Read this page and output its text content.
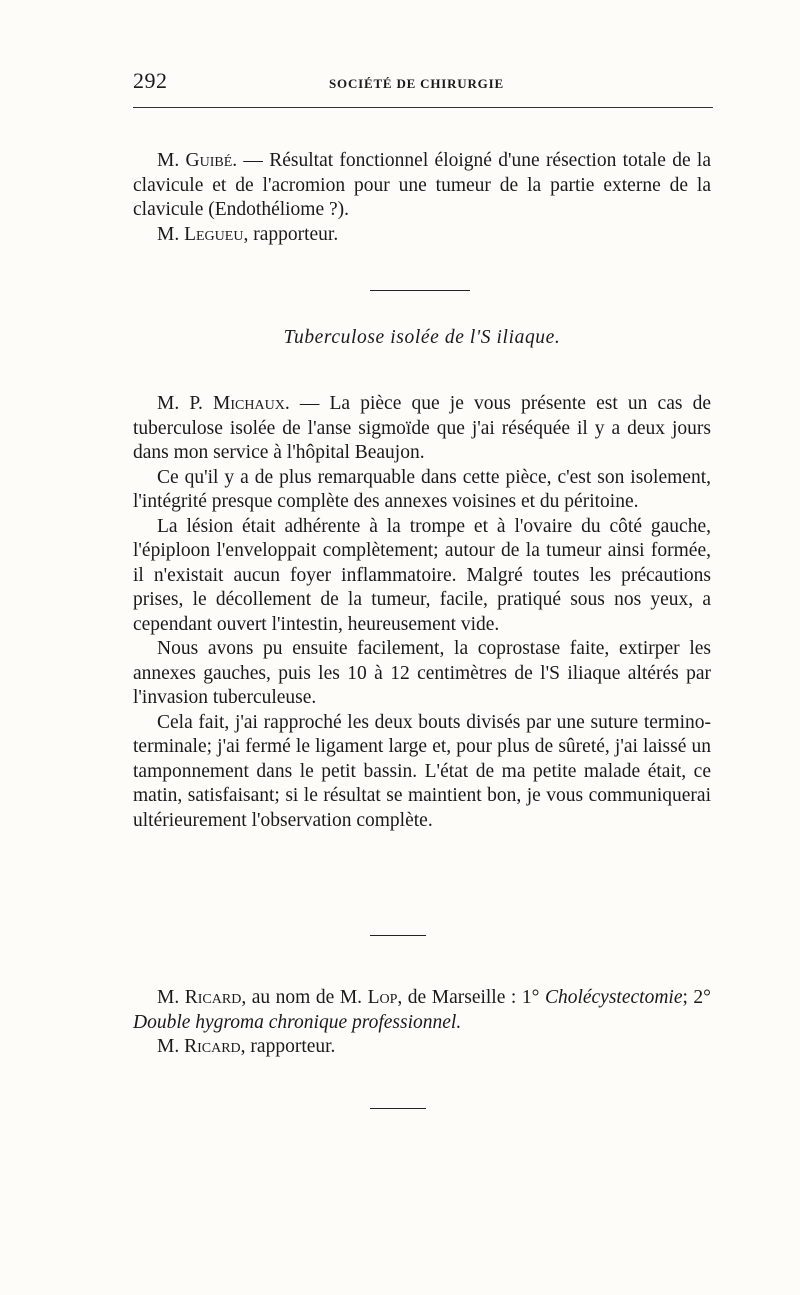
292	SOCIÉTÉ DE CHIRURGIE

M. Guibé. — Résultat fonctionnel éloigné d'une résection totale de la clavicule et de l'acromion pour une tumeur de la partie externe de la clavicule (Endothéliome ?).

M. Legueu, rapporteur.

Tuberculose isolée de l'S iliaque.

M. P. Michaux. — La pièce que je vous présente est un cas de tuberculose isolée de l'anse sigmoïde que j'ai réséquée il y a deux jours dans mon service à l'hôpital Beaujon.

Ce qu'il y a de plus remarquable dans cette pièce, c'est son isolement, l'intégrité presque complète des annexes voisines et du péritoine.

La lésion était adhérente à la trompe et à l'ovaire du côté gauche, l'épiploon l'enveloppait complètement; autour de la tumeur ainsi formée, il n'existait aucun foyer inflammatoire. Malgré toutes les précautions prises, le décollement de la tumeur, facile, pratiqué sous nos yeux, a cependant ouvert l'intestin, heureusement vide.

Nous avons pu ensuite facilement, la coprostase faite, extirper les annexes gauches, puis les 10 à 12 centimètres de l'S iliaque altérés par l'invasion tuberculeuse.

Cela fait, j'ai rapproché les deux bouts divisés par une suture termino-terminale; j'ai fermé le ligament large et, pour plus de sûreté, j'ai laissé un tamponnement dans le petit bassin. L'état de ma petite malade était, ce matin, satisfaisant; si le résultat se maintient bon, je vous communiquerai ultérieurement l'observation complète.

M. Ricard, au nom de M. Lop, de Marseille : 1° Cholécystectomie; 2° Double hygroma chronique professionnel.

M. Ricard, rapporteur.
